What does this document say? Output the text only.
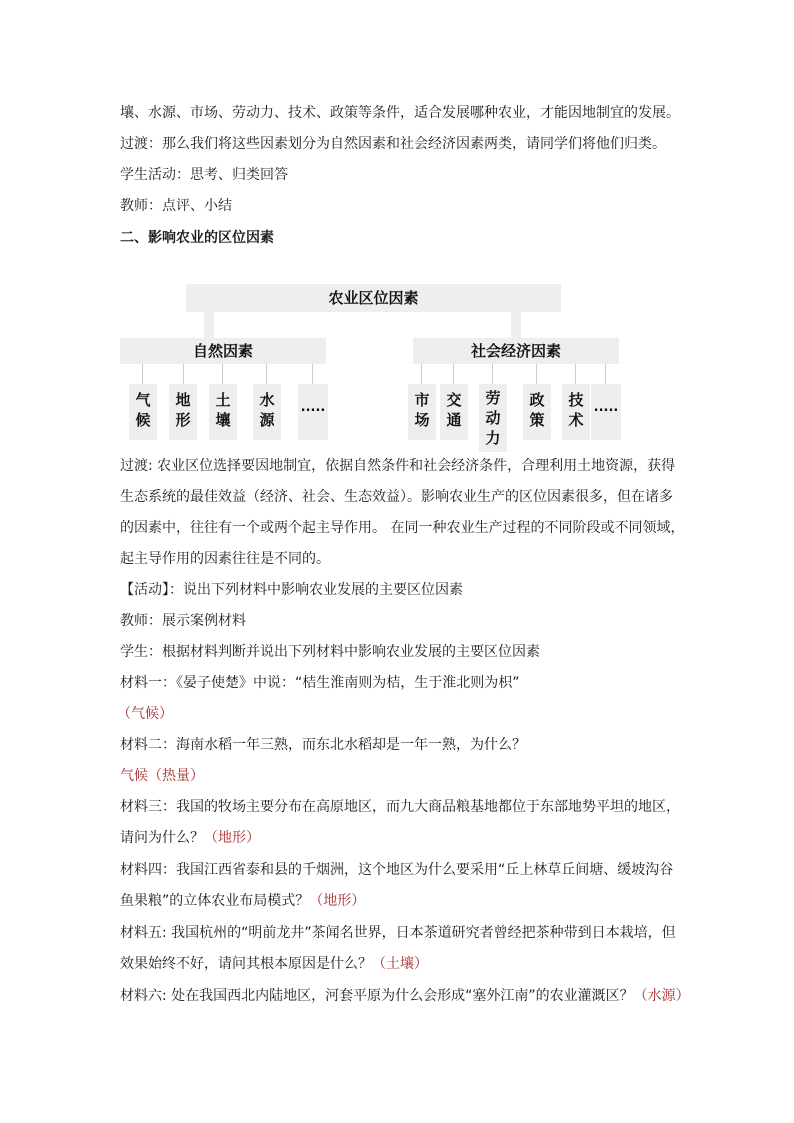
壤、水源、市场、劳动力、技术、政策等条件，适合发展哪种农业，才能因地制宜的发展。
过渡：那么我们将这些因素划分为自然因素和社会经济因素两类，请同学们将他们归类。
学生活动：思考、归类回答
教师：点评、小结
二、影响农业的区位因素
农业区位因素
自然因素	社会经济因素
气候
地形
土壤
水源
.....	市场
交通
劳动力
政策
技术
.....
过渡: 农业区位选择要因地制宜，依据自然条件和社会经济条件，合理利用土地资源，获得
生态系统的最佳效益（经济、社会、生态效益）。影响农业生产的区位因素很多，但在诸多
的因素中，往往有一个或两个起主导作用。 在同一种农业生产过程的不同阶段或不同领域，
起主导作用的因素往往是不同的。
【活动】：说出下列材料中影响农业发展的主要区位因素
教师：展示案例材料
学生：根据材料判断并说出下列材料中影响农业发展的主要区位因素
材料一：《晏子使楚》中说：“桔生淮南则为桔，生于淮北则为枳”
（气候）
材料二：海南水稻一年三熟，而东北水稻却是一年一熟，为什么？
气候（热量）
材料三：我国的牧场主要分布在高原地区，而九大商品粮基地都位于东部地势平坦的地区，
请问为什么？（地形）
材料四：我国江西省泰和县的千烟洲，这个地区为什么要采用“丘上林草丘间塘、缓坡沟谷
鱼果粮”的立体农业布局模式？（地形）
材料五: 我国杭州的“明前龙井”茶闻名世界，日本茶道研究者曾经把茶种带到日本栽培，但
效果始终不好，请问其根本原因是什么？（土壤）
材料六: 处在我国西北内陆地区，河套平原为什么会形成“塞外江南”的农业灌溉区？（水源）
